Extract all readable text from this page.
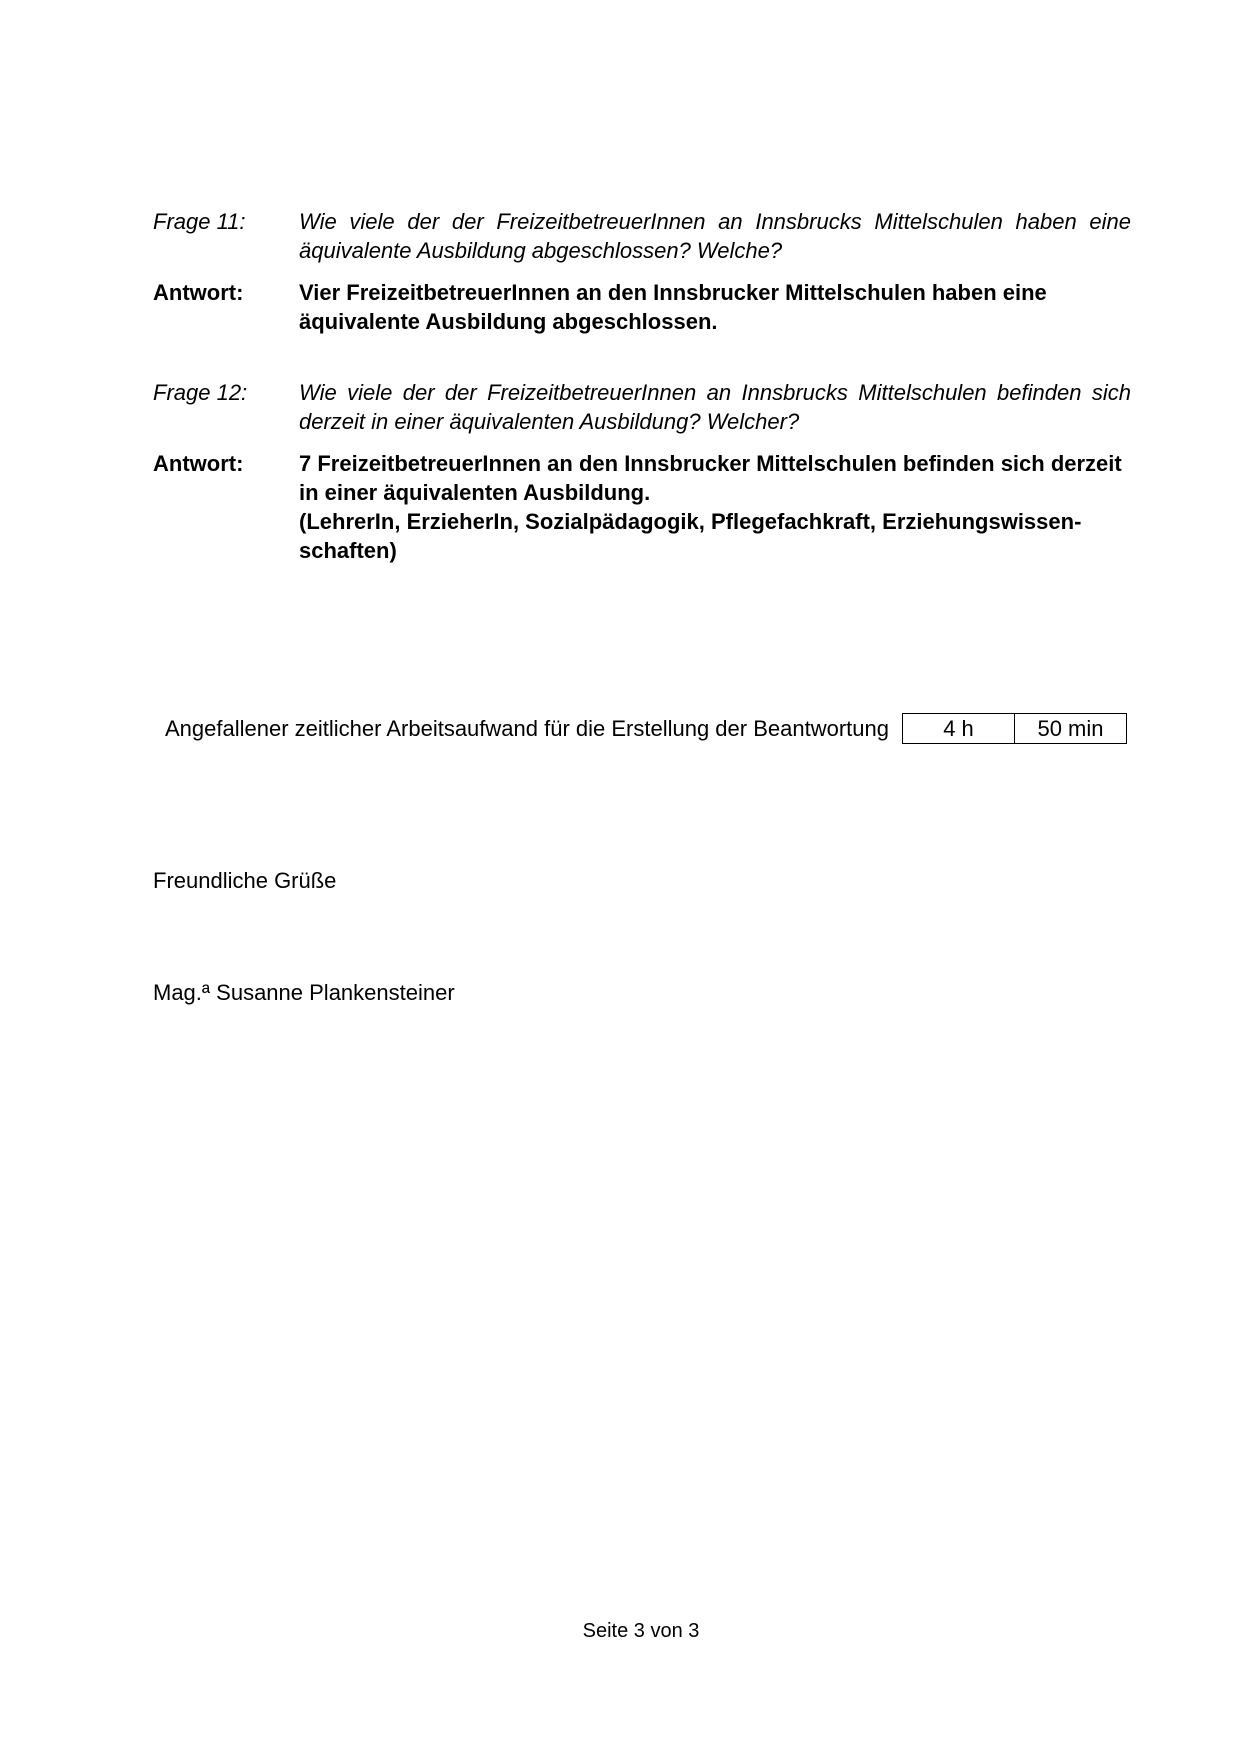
Frage 11:	Wie viele der der FreizeitbetreuerInnen an Innsbrucks Mittelschulen haben eine äquivalente Ausbildung abgeschlossen? Welche?
Antwort:	Vier FreizeitbetreuerInnen an den Innsbrucker Mittelschulen haben eine äquivalente Ausbildung abgeschlossen.
Frage 12:	Wie viele der der FreizeitbetreuerInnen an Innsbrucks Mittelschulen befinden sich derzeit in einer äquivalenten Ausbildung? Welcher?
Antwort:	7 FreizeitbetreuerInnen an den Innsbrucker Mittelschulen befinden sich derzeit in einer äquivalenten Ausbildung.
(LehrerIn, ErzieherIn, Sozialpädagogik, Pflegefachkraft, Erziehungswissenschaften)
Angefallener zeitlicher Arbeitsaufwand für die Erstellung der Beantwortung	4 h	50 min
Freundliche Grüße
Mag.ª Susanne Plankensteiner
Seite 3 von 3
